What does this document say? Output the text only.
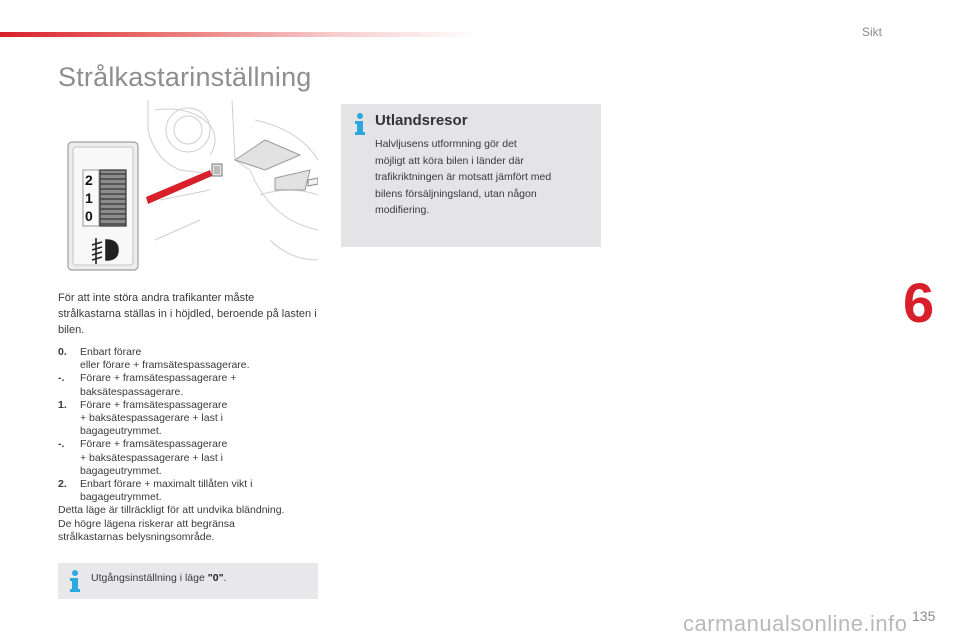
Sikt
Strålkastarinställning
2
1
0
För att inte störa andra trafikanter måste strålkastarna ställas in i höjdled, beroende på lasten i bilen.
0.	Enbart förare
eller förare + framsätespassagerare.
-.	Förare + framsätespassagerare +
baksätespassagerare.
1.	Förare + framsätespassagerare
+ baksätespassagerare + last i
bagageutrymmet.
-.	Förare + framsätespassagerare
+ baksätespassagerare + last i
bagageutrymmet.
2.	Enbart förare + maximalt tillåten vikt i
bagageutrymmet.
Detta läge är tillräckligt för att undvika bländning.
De högre lägena riskerar att begränsa
strålkastarnas belysningsområde.
Utgångsinställning i läge "0".
Utlandsresor
Halvljusens utformning gör det
möjligt att köra bilen i länder där
trafikriktningen är motsatt jämfört med
bilens försäljningsland, utan någon
modifiering.
6
carmanualsonline.info 135
